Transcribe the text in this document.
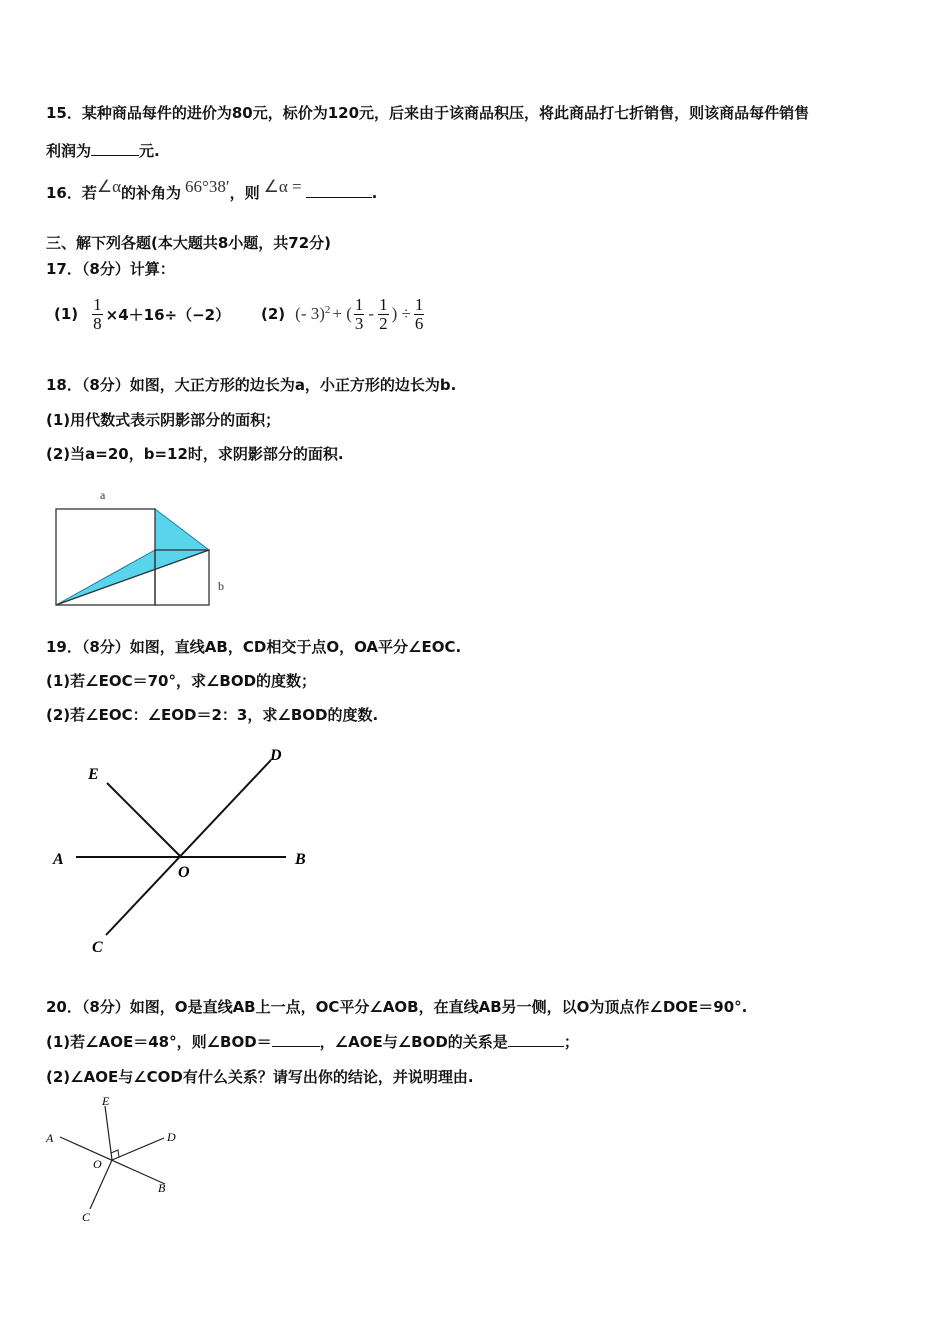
15．某种商品每件的进价为80元，标价为120元，后来由于该商品积压，将此商品打七折销售，则该商品每件销售
利润为	元.
16．若∠α的补角为 66°38′，则 ∠α =	.
三、解下列各题(本大题共8小题，共72分)
17．（8分）计算：
$(1) \frac{1}{8} \times 4+16\div(-2)$ (2) (- 3)$^2$ + ( $\frac{1}{3} - \frac{1}{2}$ ) ÷ $\frac{1}{6}$
18．（8分）如图，大正方形的边长为a，小正方形的边长为b.
(1)用代数式表示阴影部分的面积；
(2)当a=20，b=12时，求阴影部分的面积.
a
b
19．（8分）如图，直线AB，CD相交于点O，OA平分∠EOC.
(1)若∠EOC＝70°，求∠BOD的度数；
(2)若∠EOC：∠EOD＝2：3，求∠BOD的度数.
A	B
C
D
E
O
20．（8分）如图，O是直线AB上一点，OC平分∠AOB，在直线AB另一侧，以O为顶点作∠DOE＝90°.
(1)若∠AOE＝48°，则∠BOD＝	，∠AOE与∠BOD的关系是	；
(2)∠AOE与∠COD有什么关系？请写出你的结论，并说明理由.
A
B
C
D
E
O
